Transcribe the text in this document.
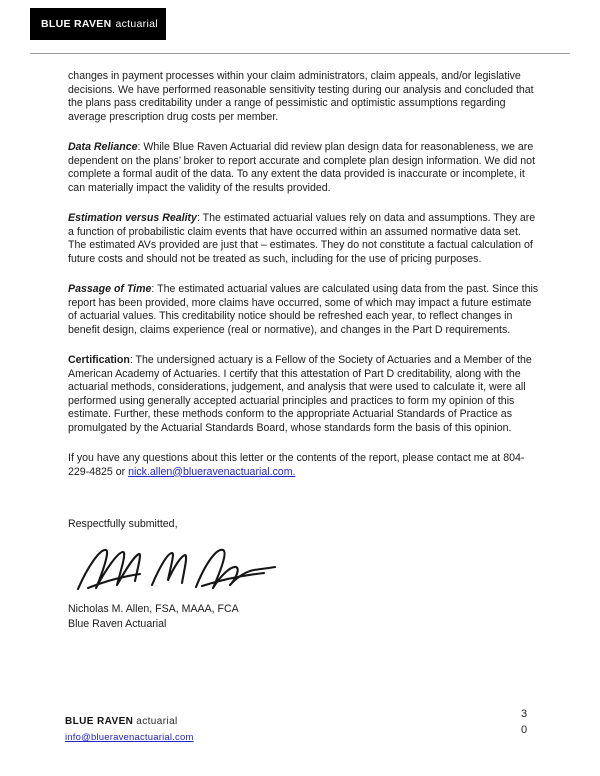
BLUE RAVEN actuarial

changes in payment processes within your claim administrators, claim appeals, and/or legislative decisions. We have performed reasonable sensitivity testing during our analysis and concluded that the plans pass creditability under a range of pessimistic and optimistic assumptions regarding average prescription drug costs per member.

Data Reliance: While Blue Raven Actuarial did review plan design data for reasonableness, we are dependent on the plans’ broker to report accurate and complete plan design information. We did not complete a formal audit of the data. To any extent the data provided is inaccurate or incomplete, it can materially impact the validity of the results provided.

Estimation versus Reality: The estimated actuarial values rely on data and assumptions. They are a function of probabilistic claim events that have occurred within an assumed normative data set. The estimated AVs provided are just that – estimates. They do not constitute a factual calculation of future costs and should not be treated as such, including for the use of pricing purposes.

Passage of Time: The estimated actuarial values are calculated using data from the past. Since this report has been provided, more claims have occurred, some of which may impact a future estimate of actuarial values. This creditability notice should be refreshed each year, to reflect changes in benefit design, claims experience (real or normative), and changes in the Part D requirements.

Certification: The undersigned actuary is a Fellow of the Society of Actuaries and a Member of the American Academy of Actuaries. I certify that this attestation of Part D creditability, along with the actuarial methods, considerations, judgement, and analysis that were used to calculate it, were all performed using generally accepted actuarial principles and practices to form my opinion of this estimate. Further, these methods conform to the appropriate Actuarial Standards of Practice as promulgated by the Actuarial Standards Board, whose standards form the basis of this opinion.

If you have any questions about this letter or the contents of the report, please contact me at 804-229-4825 or nick.allen@blueravenactuarial.com.

Respectfully submitted,

Nicholas M. Allen, FSA, MAAA, FCA
Blue Raven Actuarial
BLUE RAVEN actuarial
info@blueravenactuarial.com
30
